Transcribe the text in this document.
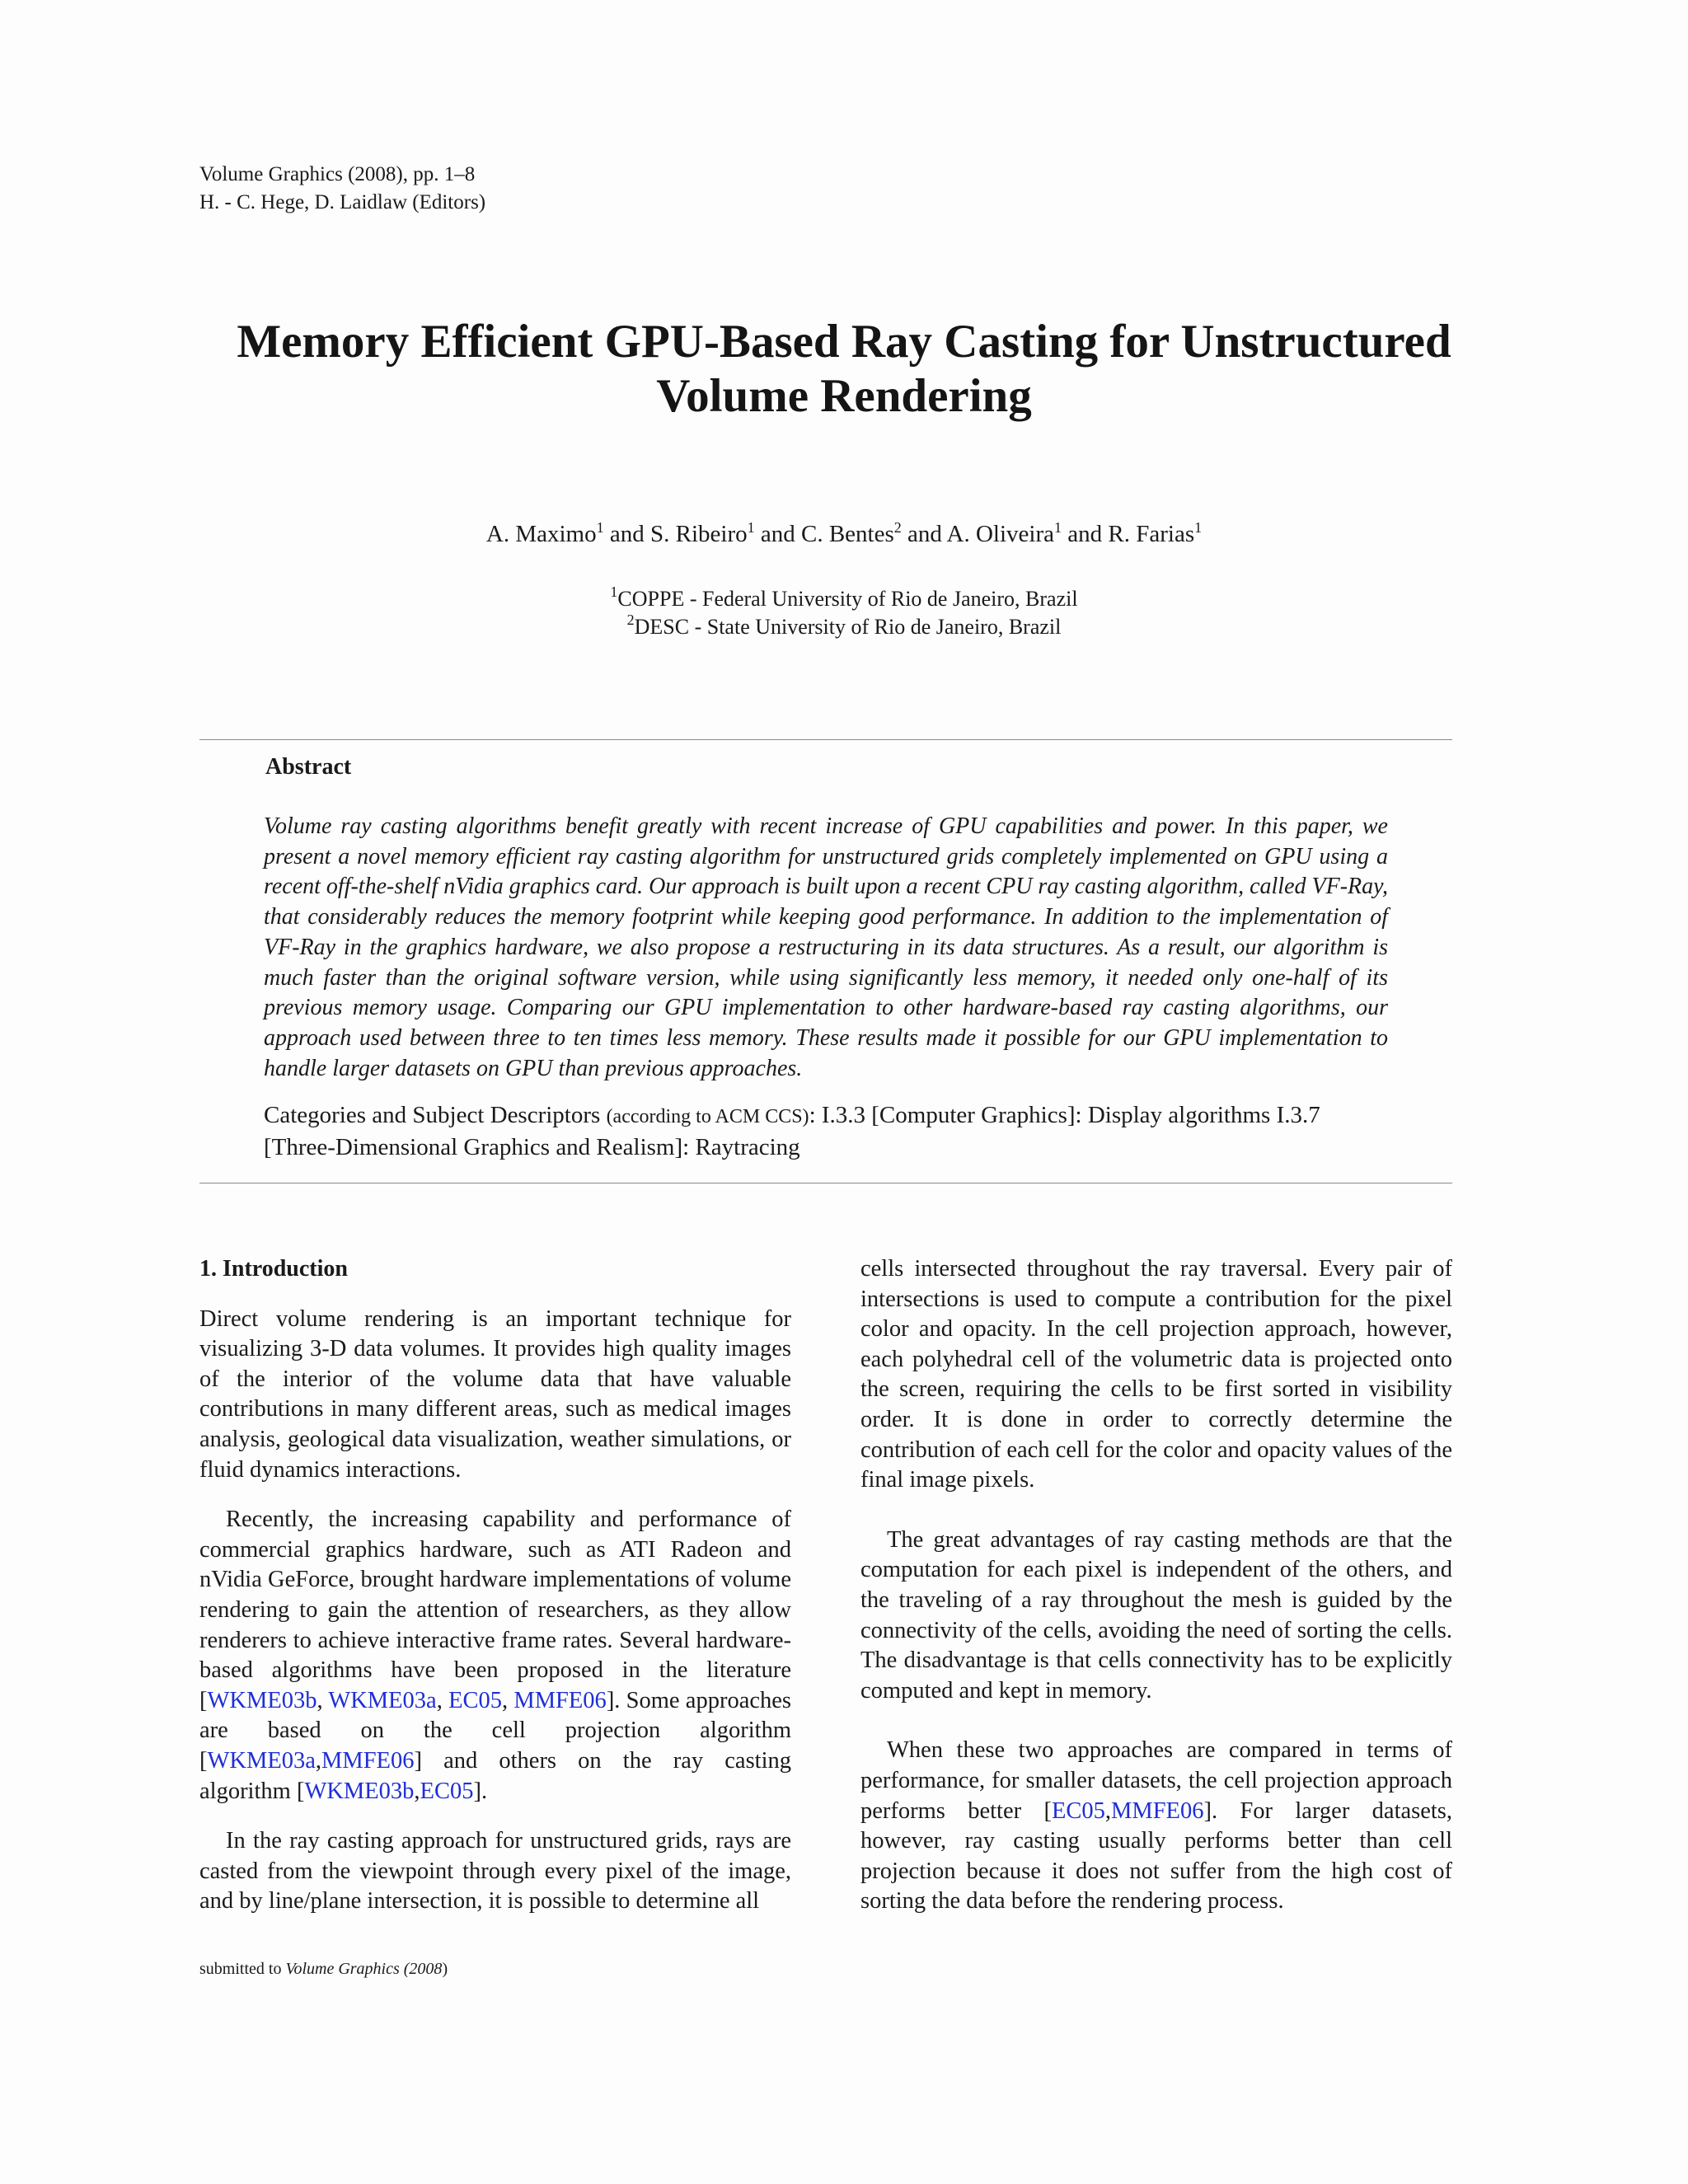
Volume Graphics (2008), pp. 1–8
H. - C. Hege, D. Laidlaw (Editors)
Memory Efficient GPU-Based Ray Casting for Unstructured
Volume Rendering
A. Maximo$^1$ and S. Ribeiro$^1$ and C. Bentes$^2$ and A. Oliveira$^1$ and R. Farias$^1$
$^1$COPPE - Federal University of Rio de Janeiro, Brazil
$^2$DESC - State University of Rio de Janeiro, Brazil
Abstract
Volume ray casting algorithms benefit greatly with recent increase of GPU capabilities and power. In this paper, we present a novel memory efficient ray casting algorithm for unstructured grids completely implemented on GPU using a recent off-the-shelf nVidia graphics card. Our approach is built upon a recent CPU ray casting algorithm, called VF-Ray, that considerably reduces the memory footprint while keeping good performance. In addition to the implementation of VF-Ray in the graphics hardware, we also propose a restructuring in its data structures. As a result, our algorithm is much faster than the original software version, while using significantly less memory, it needed only one-half of its previous memory usage. Comparing our GPU implementation to other hardware-based ray casting algorithms, our approach used between three to ten times less memory. These results made it possible for our GPU implementation to handle larger datasets on GPU than previous approaches.
Categories and Subject Descriptors (according to ACM CCS): I.3.3 [Computer Graphics]: Display algorithms I.3.7 [Three-Dimensional Graphics and Realism]: Raytracing

1. Introduction

Direct volume rendering is an important technique for visualizing 3-D data volumes. It provides high quality images of the interior of the volume data that have valuable contributions in many different areas, such as medical images analysis, geological data visualization, weather simulations, or fluid dynamics interactions.

Recently, the increasing capability and performance of commercial graphics hardware, such as ATI Radeon and nVidia GeForce, brought hardware implementations of volume rendering to gain the attention of researchers, as they allow renderers to achieve interactive frame rates. Several hardware-based algorithms have been proposed in the literature [WKME03b, WKME03a, EC05, MMFE06]. Some approaches are based on the cell projection algorithm [WKME03a,MMFE06] and others on the ray casting algorithm [WKME03b,EC05].

In the ray casting approach for unstructured grids, rays are casted from the viewpoint through every pixel of the image, and by line/plane intersection, it is possible to determine all

cells intersected throughout the ray traversal. Every pair of intersections is used to compute a contribution for the pixel color and opacity. In the cell projection approach, however, each polyhedral cell of the volumetric data is projected onto the screen, requiring the cells to be first sorted in visibility order. It is done in order to correctly determine the contribution of each cell for the color and opacity values of the final image pixels.

The great advantages of ray casting methods are that the computation for each pixel is independent of the others, and the traveling of a ray throughout the mesh is guided by the connectivity of the cells, avoiding the need of sorting the cells. The disadvantage is that cells connectivity has to be explicitly computed and kept in memory.

When these two approaches are compared in terms of performance, for smaller datasets, the cell projection approach performs better [EC05,MMFE06]. For larger datasets, however, ray casting usually performs better than cell projection because it does not suffer from the high cost of sorting the data before the rendering process.

submitted to Volume Graphics (2008)
